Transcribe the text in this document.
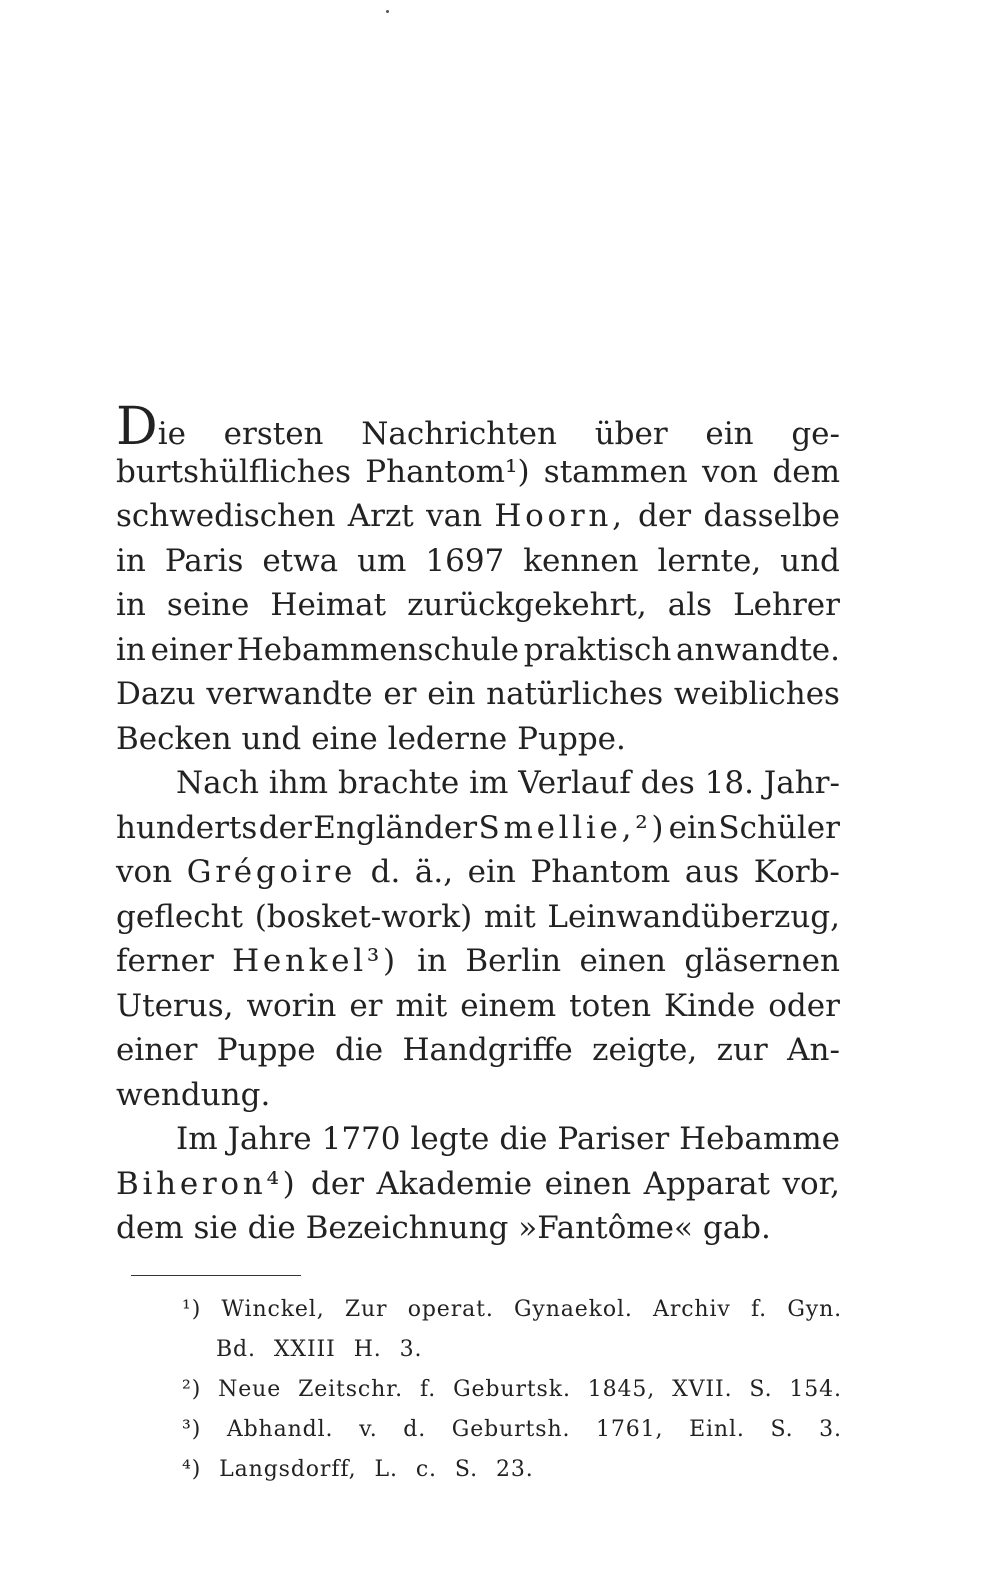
Die ersten Nachrichten über ein ge-
burtshülfliches Phantom¹) stammen von dem
schwedischen Arzt van Hoorn, der dasselbe
in Paris etwa um 1697 kennen lernte, und
in seine Heimat zurückgekehrt, als Lehrer
in einer Hebammenschule praktisch anwandte.
Dazu verwandte er ein natürliches weibliches
Becken und eine lederne Puppe.
Nach ihm brachte im Verlauf des 18. Jahr-
hunderts der Engländer Smellie,²) ein Schüler
von Grégoire d. ä., ein Phantom aus Korb-
geflecht (bosket-work) mit Leinwandüberzug,
ferner Henkel³) in Berlin einen gläsernen
Uterus, worin er mit einem toten Kinde oder
einer Puppe die Handgriffe zeigte, zur An-
wendung.
Im Jahre 1770 legte die Pariser Hebamme
Biheron⁴) der Akademie einen Apparat vor,
dem sie die Bezeichnung »Fantôme« gab.
¹) Winckel, Zur operat. Gynaekol. Archiv f. Gyn.
Bd. XXIII H. 3.
²) Neue Zeitschr. f. Geburtsk. 1845, XVII. S. 154.
³) Abhandl. v. d. Geburtsh. 1761, Einl. S. 3.
⁴) Langsdorff, L. c. S. 23.
